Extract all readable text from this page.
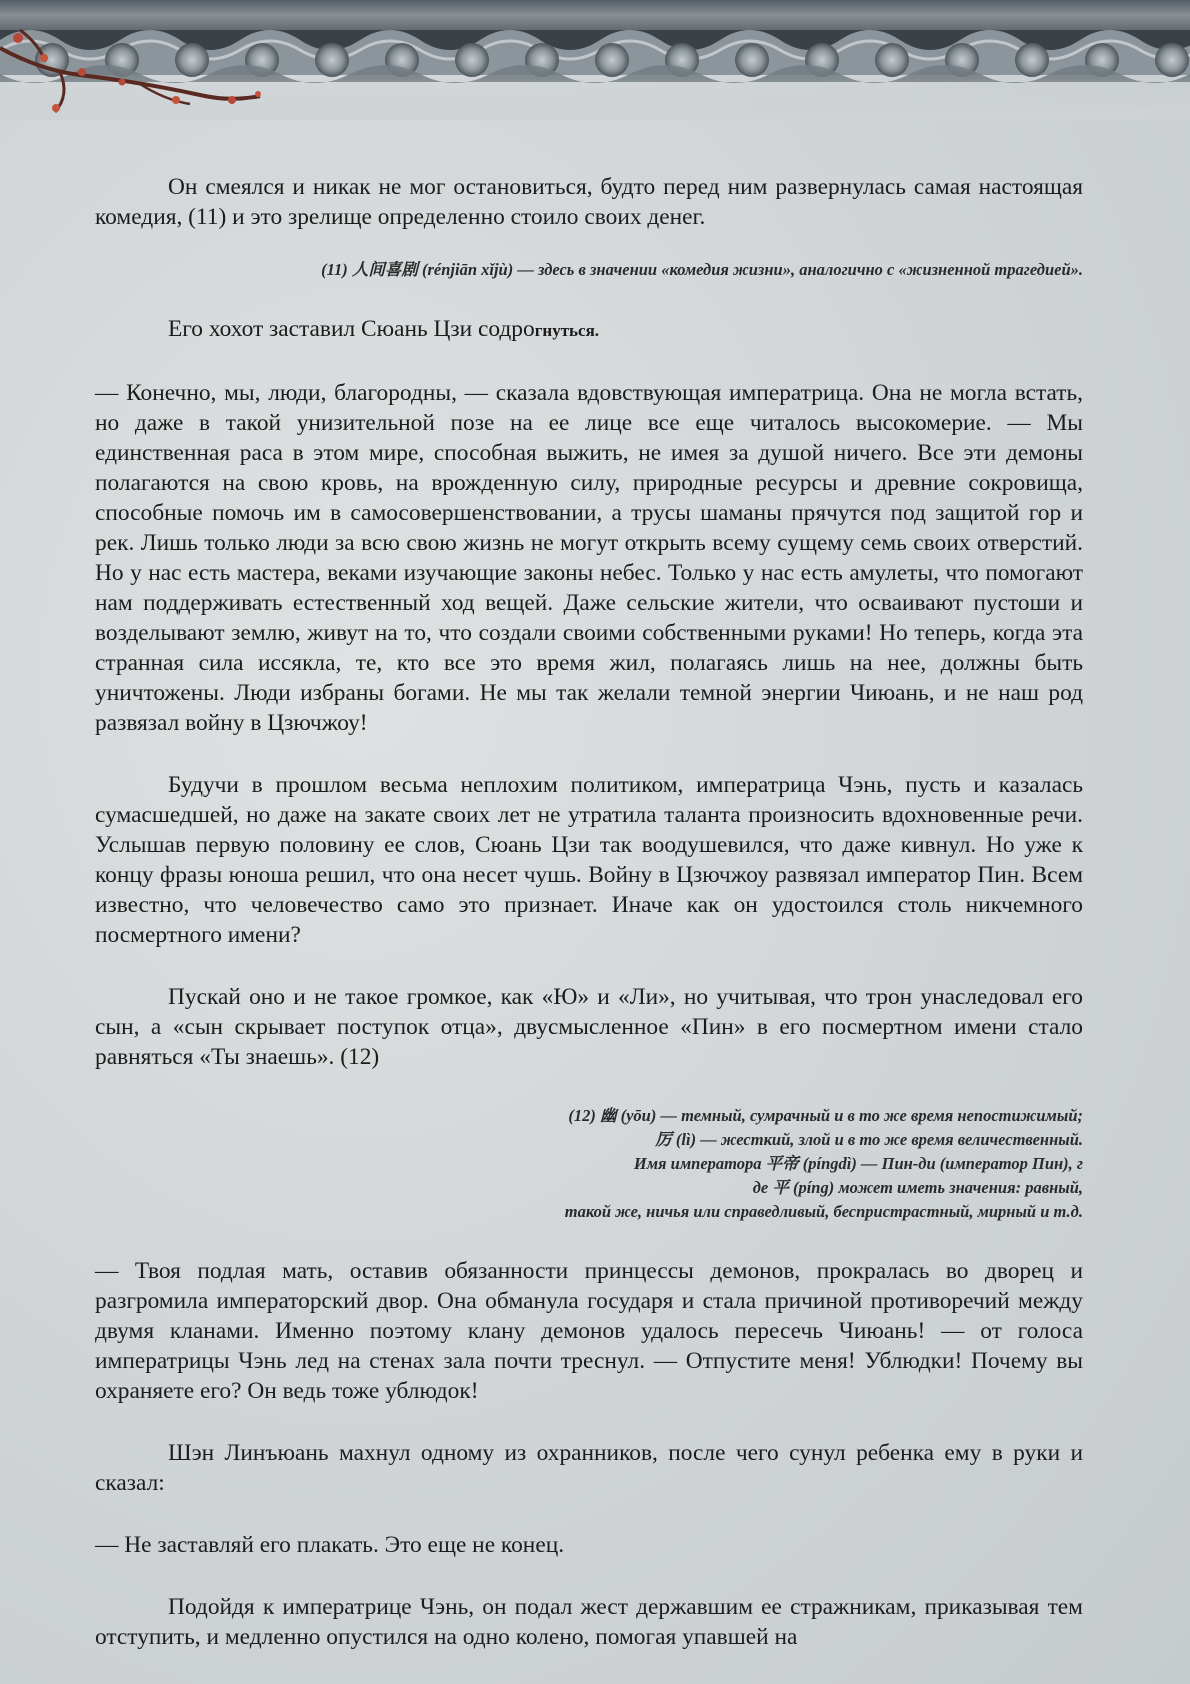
Он смеялся и никак не мог остановиться, будто перед ним развернулась самая настоящая комедия, (11) и это зрелище определенно стоило своих денег.

(11) 人间喜剧 (rénjiān xǐjù) — здесь в значении «комедия жизни», аналогично с «жизненной трагедией».

Его хохот заставил Сюань Цзи содрогнуться.

— Конечно, мы, люди, благородны, — сказала вдовствующая императрица. Она не могла встать, но даже в такой унизительной позе на ее лице все еще читалось высокомерие. — Мы единственная раса в этом мире, способная выжить, не имея за душой ничего. Все эти демоны полагаются на свою кровь, на врожденную силу, природные ресурсы и древние сокровища, способные помочь им в самосовершенствовании, а трусы шаманы прячутся под защитой гор и рек. Лишь только люди за всю свою жизнь не могут открыть всему сущему семь своих отверстий. Но у нас есть мастера, веками изучающие законы небес. Только у нас есть амулеты, что помогают нам поддерживать естественный ход вещей. Даже сельские жители, что осваивают пустоши и возделывают землю, живут на то, что создали своими собственными руками! Но теперь, когда эта странная сила иссякла, те, кто все это время жил, полагаясь лишь на нее, должны быть уничтожены. Люди избраны богами. Не мы так желали темной энергии Чиюань, и не наш род развязал войну в Цзючжоу!

Будучи в прошлом весьма неплохим политиком, императрица Чэнь, пусть и казалась сумасшедшей, но даже на закате своих лет не утратила таланта произносить вдохновенные речи. Услышав первую половину ее слов, Сюань Цзи так воодушевился, что даже кивнул. Но уже к концу фразы юноша решил, что она несет чушь. Войну в Цзючжоу развязал император Пин. Всем известно, что человечество само это признает. Иначе как он удостоился столь никчемного посмертного имени?

Пускай оно и не такое громкое, как «Ю» и «Ли», но учитывая, что трон унаследовал его сын, а «сын скрывает поступок отца», двусмысленное «Пин» в его посмертном имени стало равняться «Ты знаешь». (12)

(12) 幽 (yōu) — темный, сумрачный и в то же время непостижимый;

厉 (lì) — жесткий, злой и в то же время величественный.

Имя императора 平帝 (píngdì) — Пин-ди (император Пин), г

де 平 (píng) может иметь значения: равный,

такой же, ничья или справедливый, беспристрастный, мирный и т.д.

— Твоя подлая мать, оставив обязанности принцессы демонов, прокралась во дворец и разгромила императорский двор. Она обманула государя и стала причиной противоречий между двумя кланами. Именно поэтому клану демонов удалось пересечь Чиюань! — от голоса императрицы Чэнь лед на стенах зала почти треснул. — Отпустите меня! Ублюдки! Почему вы охраняете его? Он ведь тоже ублюдок!

Шэн Линъюань махнул одному из охранников, после чего сунул ребенка ему в руки и сказал:

— Не заставляй его плакать. Это еще не конец.

Подойдя к императрице Чэнь, он подал жест державшим ее стражникам, приказывая тем отступить, и медленно опустился на одно колено, помогая упавшей на
